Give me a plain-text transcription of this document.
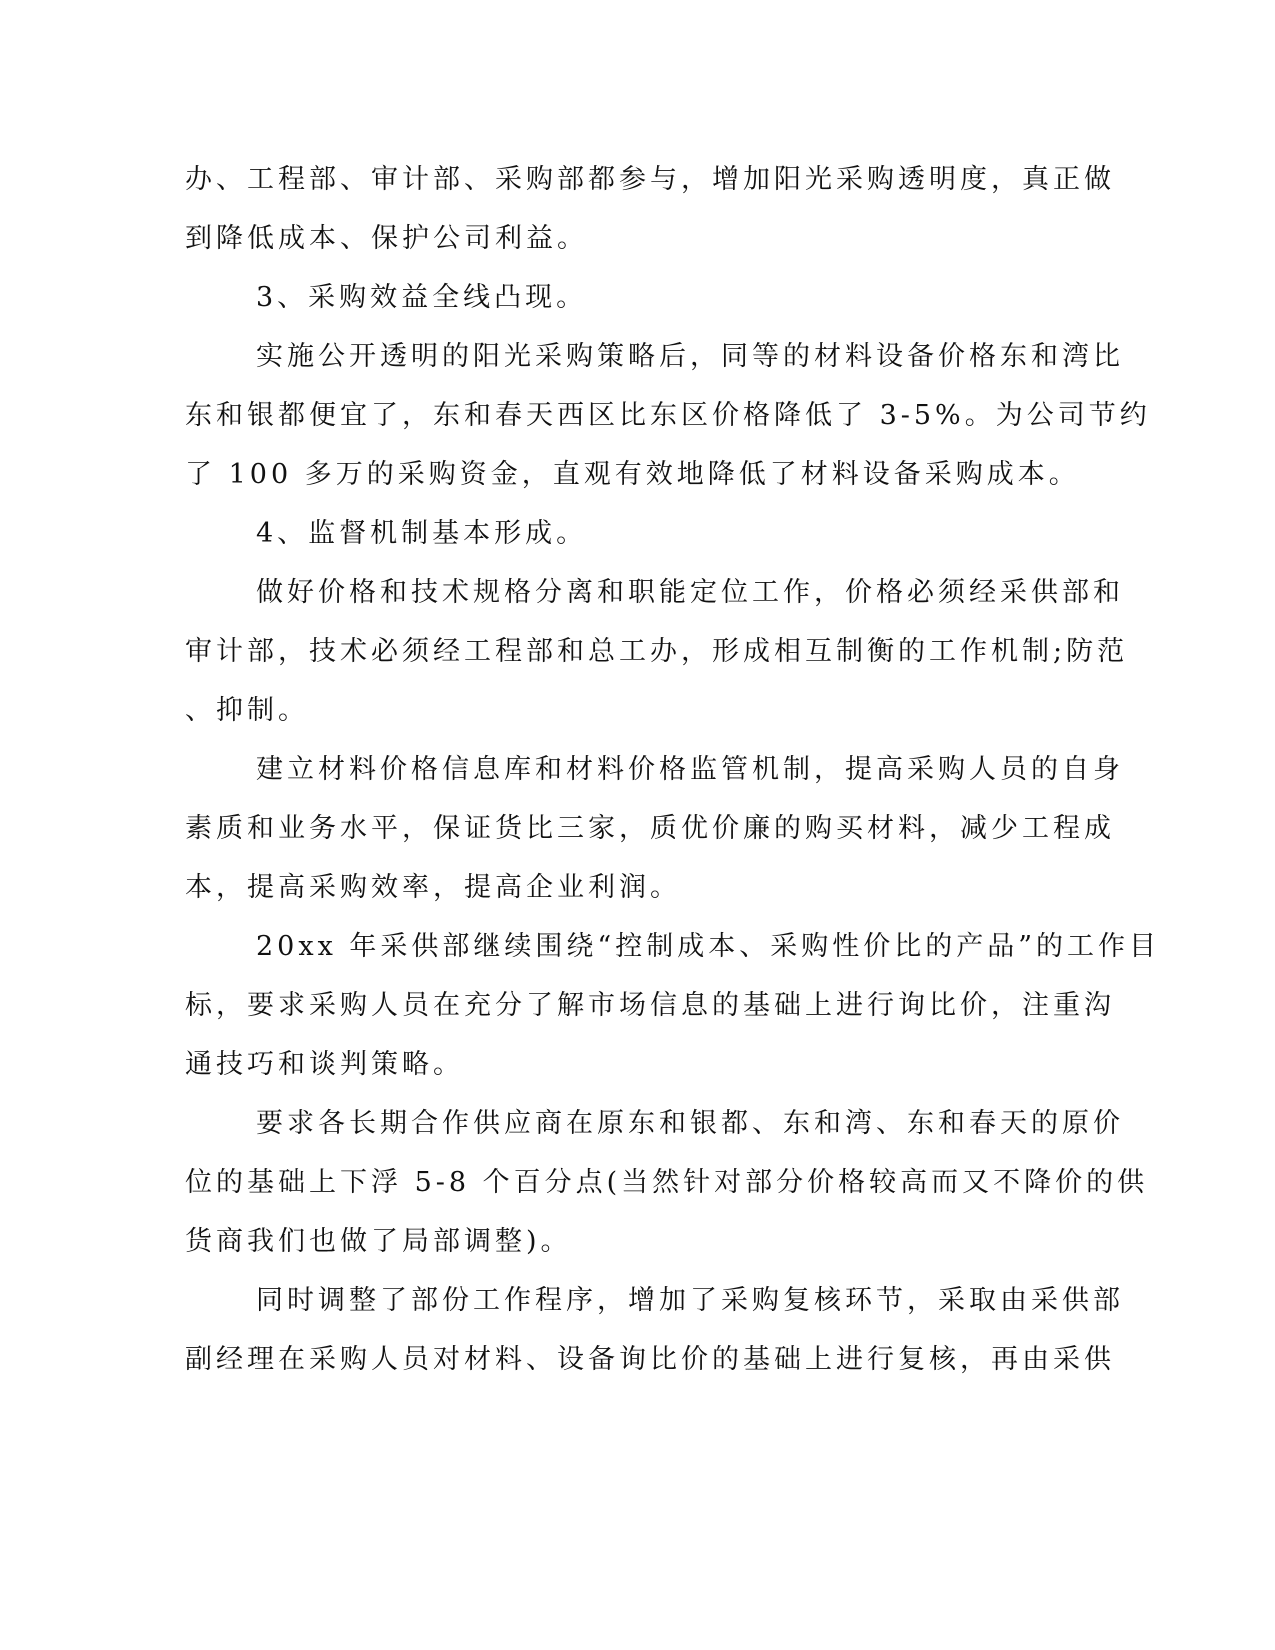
办、工程部、审计部、采购部都参与，增加阳光采购透明度，真正做

到降低成本、保护公司利益。

3、采购效益全线凸现。

实施公开透明的阳光采购策略后，同等的材料设备价格东和湾比

东和银都便宜了，东和春天西区比东区价格降低了 3-5%。为公司节约

了 100 多万的采购资金，直观有效地降低了材料设备采购成本。

4、监督机制基本形成。

做好价格和技术规格分离和职能定位工作，价格必须经采供部和

审计部，技术必须经工程部和总工办，形成相互制衡的工作机制;防范

、抑制。

建立材料价格信息库和材料价格监管机制，提高采购人员的自身

素质和业务水平，保证货比三家，质优价廉的购买材料，减少工程成

本，提高采购效率，提高企业利润。

20xx 年采供部继续围绕“控制成本、采购性价比的产品”的工作目

标，要求采购人员在充分了解市场信息的基础上进行询比价，注重沟

通技巧和谈判策略。

要求各长期合作供应商在原东和银都、东和湾、东和春天的原价

位的基础上下浮 5-8 个百分点(当然针对部分价格较高而又不降价的供

货商我们也做了局部调整)。

同时调整了部份工作程序，增加了采购复核环节，采取由采供部

副经理在采购人员对材料、设备询比价的基础上进行复核，再由采供
